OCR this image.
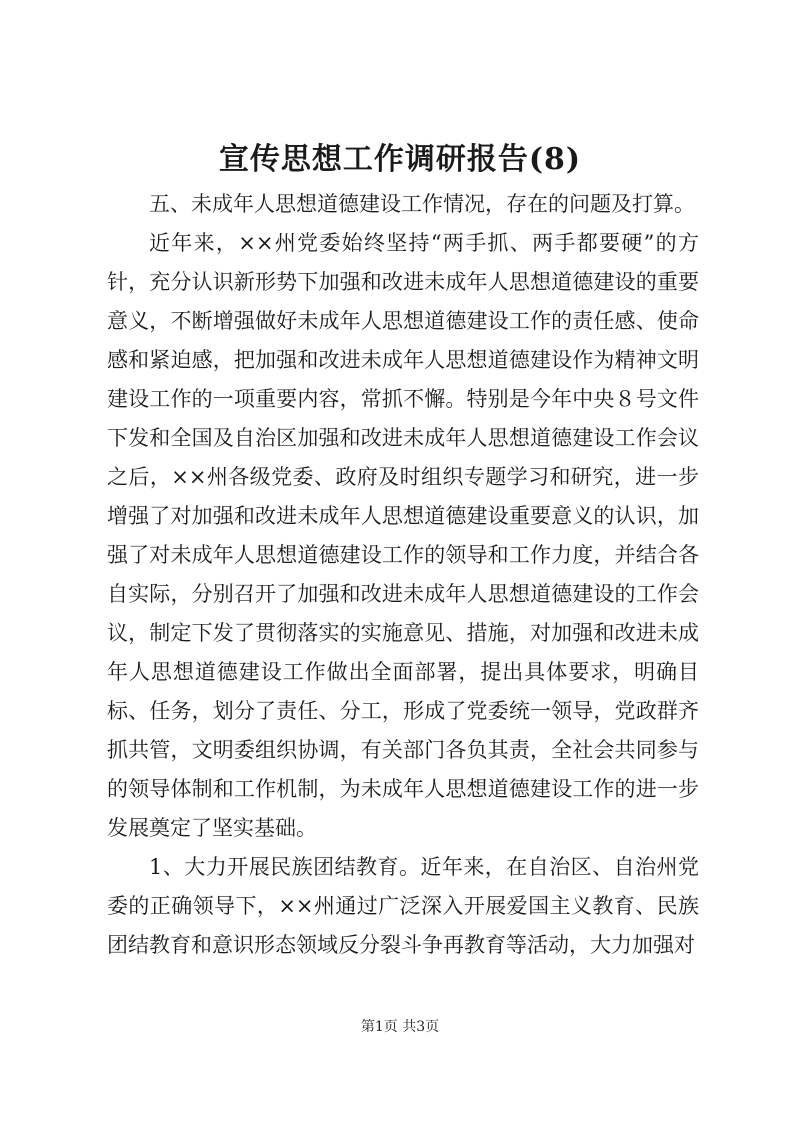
宣传思想工作调研报告(8)

五、未成年人思想道德建设工作情况，存在的问题及打算。

近年来，××州党委始终坚持“两手抓、两手都要硬”的方针，充分认识新形势下加强和改进未成年人思想道德建设的重要意义，不断增强做好未成年人思想道德建设工作的责任感、使命感和紧迫感，把加强和改进未成年人思想道德建设作为精神文明建设工作的一项重要内容，常抓不懈。特别是今年中央８号文件下发和全国及自治区加强和改进未成年人思想道德建设工作会议之后，××州各级党委、政府及时组织专题学习和研究，进一步增强了对加强和改进未成年人思想道德建设重要意义的认识，加强了对未成年人思想道德建设工作的领导和工作力度，并结合各自实际，分别召开了加强和改进未成年人思想道德建设的工作会议，制定下发了贯彻落实的实施意见、措施，对加强和改进未成年人思想道德建设工作做出全面部署，提出具体要求，明确目标、任务，划分了责任、分工，形成了党委统一领导，党政群齐抓共管，文明委组织协调，有关部门各负其责，全社会共同参与的领导体制和工作机制，为未成年人思想道德建设工作的进一步发展奠定了坚实基础。

1、大力开展民族团结教育。近年来，在自治区、自治州党委的正确领导下，××州通过广泛深入开展爱国主义教育、民族团结教育和意识形态领域反分裂斗争再教育等活动，大力加强对

第1页 共3页
